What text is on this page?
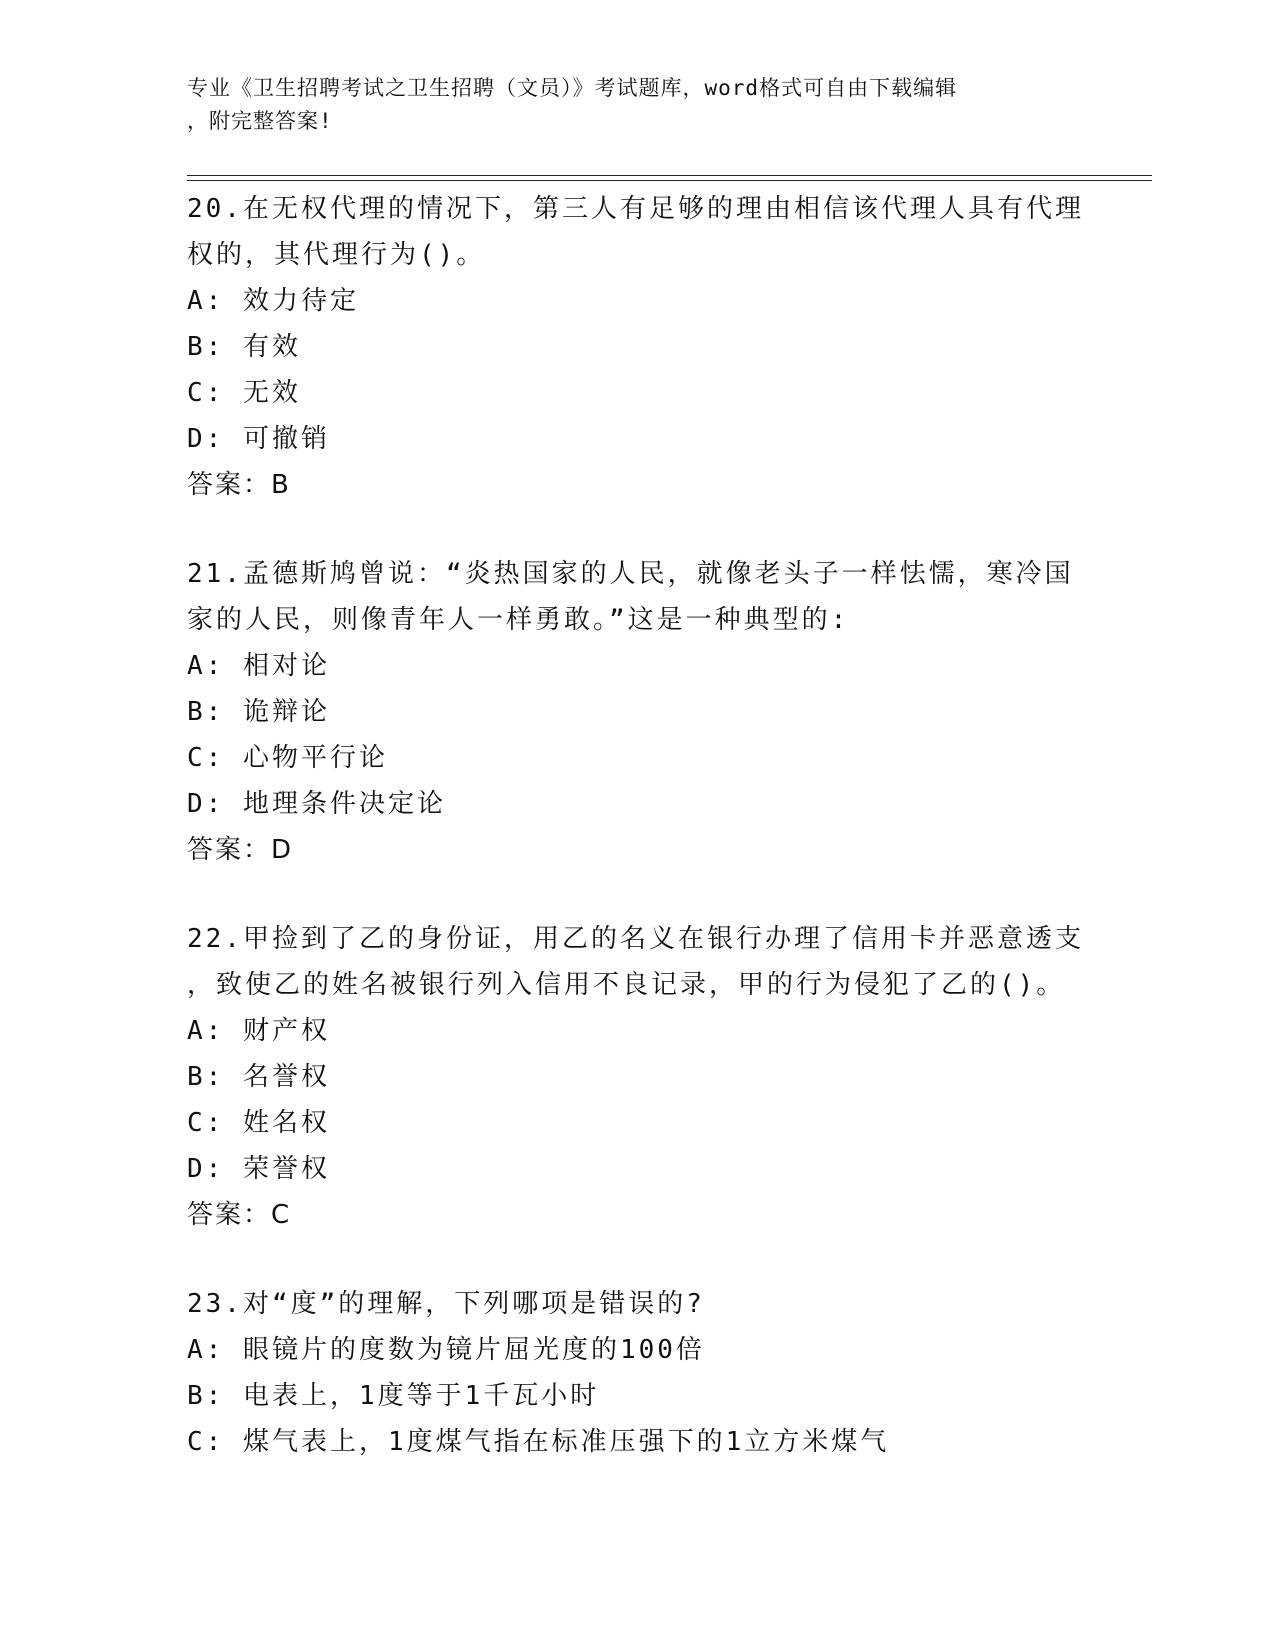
专业《卫生招聘考试之卫生招聘（文员）》考试题库，word格式可自由下载编辑
，附完整答案!

20.在无权代理的情况下，第三人有足够的理由相信该代理人具有代理

权的，其代理行为()。

A: 效力待定

B: 有效

C: 无效

D: 可撤销

答案：B

21.孟德斯鸠曾说：“炎热国家的人民，就像老头子一样怯懦，寒冷国

家的人民，则像青年人一样勇敢。”这是一种典型的:

A: 相对论

B: 诡辩论

C: 心物平行论

D: 地理条件决定论

答案：D

22.甲捡到了乙的身份证，用乙的名义在银行办理了信用卡并恶意透支

，致使乙的姓名被银行列入信用不良记录，甲的行为侵犯了乙的()。

A: 财产权

B: 名誉权

C: 姓名权

D: 荣誉权

答案：C

23.对“度”的理解，下列哪项是错误的?

A: 眼镜片的度数为镜片屈光度的100倍

B: 电表上，1度等于1千瓦小时

C: 煤气表上，1度煤气指在标准压强下的1立方米煤气
